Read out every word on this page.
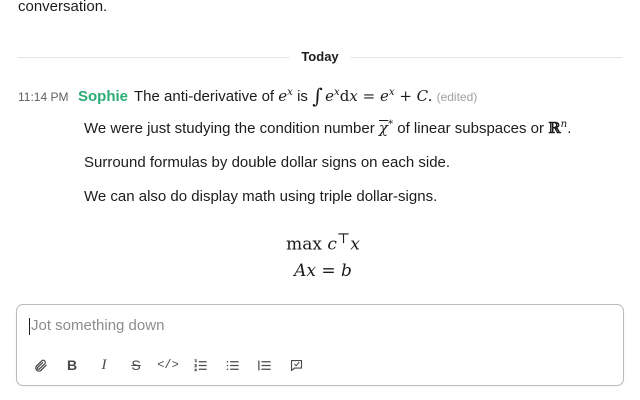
conversation.
Today
11:14 PM Sophie The anti-derivative of $e^x$ is ∫ $e^xdx = e^x + C$. (edited)

We were just studying the condition number χ* of linear subspaces or ℝ$^n$.

Surround formulas by double dollar signs on each side.

We can also do display math using triple dollar-signs.

max c⊤x
Ax = b
Jot something down
B	I	S	</>
